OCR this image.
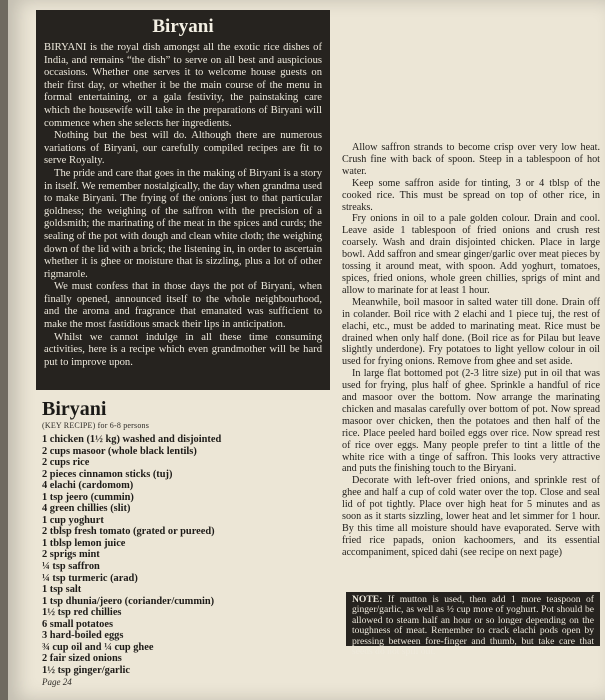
Biryani

BIRYANI is the royal dish amongst all the exotic rice dishes of India, and remains “the dish” to serve on all best and auspicious occasions. Whether one serves it to welcome house guests on their first day, or whether it be the main course of the menu in formal entertaining, or a gala festivity, the painstaking care which the housewife will take in the preparations of Biryani will commence when she selects her ingredients.

Nothing but the best will do. Although there are numerous variations of Biryani, our carefully compiled recipes are fit to serve Royalty.

The pride and care that goes in the making of Biryani is a story in itself. We remember nostalgically, the day when grandma used to make Biryani. The frying of the onions just to that particular goldness; the weighing of the saffron with the precision of a goldsmith; the marinating of the meat in the spices and curds; the sealing of the pot with dough and clean white cloth; the weighing down of the lid with a brick; the listening in, in order to ascertain whether it is ghee or moisture that is sizzling, plus a lot of other rigmarole.

We must confess that in those days the pot of Biryani, when finally opened, announced itself to the whole neighbourhood, and the aroma and fragrance that emanated was sufficient to make the most fastidious smack their lips in anticipation.

Whilst we cannot indulge in all these time consuming activities, here is a recipe which even grandmother will be hard put to improve upon.

Biryani
(KEY RECIPE) for 6-8 persons
1 chicken (1½ kg) washed and disjointed
2 cups masoor (whole black lentils)
2 cups rice
2 pieces cinnamon sticks (tuj)
4 elachi (cardomom)
1 tsp jeero (cummin)
4 green chillies (slit)
1 cup yoghurt
2 tblsp fresh tomato (grated or pureed)
1 tblsp lemon juice
2 sprigs mint
¼ tsp saffron
¼ tsp turmeric (arad)
1 tsp salt
1 tsp dhunia/jeero (coriander/cummin)
1½ tsp red chillies
6 small potatoes
3 hard-boiled eggs
¾ cup oil and ¼ cup ghee
2 fair sized onions
1½ tsp ginger/garlic
Page 24

Allow saffron strands to become crisp over very low heat. Crush fine with back of spoon. Steep in a tablespoon of hot water.

Keep some saffron aside for tinting, 3 or 4 tblsp of the cooked rice. This must be spread on top of other rice, in streaks.

Fry onions in oil to a pale golden colour. Drain and cool. Leave aside 1 tablespoon of fried onions and crush rest coarsely. Wash and drain disjointed chicken. Place in large bowl. Add saffron and smear ginger/garlic over meat pieces by tossing it around meat, with spoon. Add yoghurt, tomatoes, spices, fried onions, whole green chillies, sprigs of mint and allow to marinate for at least 1 hour.

Meanwhile, boil masoor in salted water till done. Drain off in colander. Boil rice with 2 elachi and 1 piece tuj, the rest of elachi, etc., must be added to marinating meat. Rice must be drained when only half done. (Boil rice as for Pilau but leave slightly underdone). Fry potatoes to light yellow colour in oil used for frying onions. Remove from ghee and set aside.

In large flat bottomed pot (2-3 litre size) put in oil that was used for frying, plus half of ghee. Sprinkle a handful of rice and masoor over the bottom. Now arrange the marinating chicken and masalas carefully over bottom of pot. Now spread masoor over chicken, then the potatoes and then half of the rice. Place peeled hard boiled eggs over rice. Now spread rest of rice over eggs. Many people prefer to tint a little of the white rice with a tinge of saffron. This looks very attractive and puts the finishing touch to the Biryani.

Decorate with left-over fried onions, and sprinkle rest of ghee and half a cup of cold water over the top. Close and seal lid of pot tightly. Place over high heat for 5 minutes and as soon as it starts sizzling, lower heat and let simmer for 1 hour. By this time all moisture should have evaporated. Serve with fried rice papads, onion kachoomers, and its essential accompaniment, spiced dahi (see recipe on next page)

NOTE: If mutton is used, then add 1 more teaspoon of ginger/garlic, as well as ½ cup more of yoghurt. Pot should be allowed to steam half an hour or so longer depending on the toughness of meat. Remember to crack elachi pods open by pressing between fore-finger and thumb, but take care that seeds do not spill out.
